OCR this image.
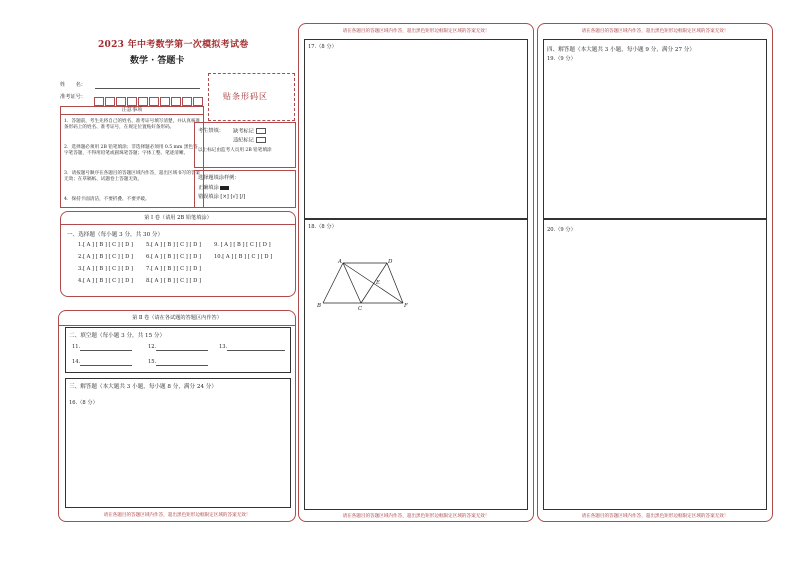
2023 年中考数学第一次模拟考试卷
数学 · 答题卡
姓　　名：
准考证号：	贴条形码区
注意事项
1．答题前，考生先将自己的姓名、准考证号填写清楚，并认真核准条形码上的姓名、准考证号，在规定位置贴好条形码。
2．选择题必须用 2B 铅笔填涂；非选择题必须用 0.5 mm 黑色签字笔答题，不得用铅笔或圆珠笔答题；字体工整、笔迹清晰。
3．请按题号顺序在各题目的答题区域内作答，超出区域书写的答案无效；在草稿纸、试题卷上答题无效。
4．保持卡面清洁，不要折叠、不要弄破。
考生禁填： 缺考标记
违纪标记
以上标记由监考人员用 2B 铅笔填涂
选择题填涂样例：
正确填涂
错误填涂 [×] [√] [/]
第 Ⅰ 卷（请用 2B 铅笔填涂）
一、选择题（每小题 3 分，共 30 分）
1.[ A ] [ B ] [ C ] [ D ]	5.[ A ] [ B ] [ C ] [ D ]	9. [ A ] [ B ] [ C ] [ D ]
2.[ A ] [ B ] [ C ] [ D ]	6.[ A ] [ B ] [ C ] [ D ]	10.[ A ] [ B ] [ C ] [ D ]
3.[ A ] [ B ] [ C ] [ D ]	7.[ A ] [ B ] [ C ] [ D ]
4.[ A ] [ B ] [ C ] [ D ]	8.[ A ] [ B ] [ C ] [ D ]
第 Ⅱ 卷（请在各试题的答题区内作答）
二、填空题（每小题 3 分，共 15 分）
11.	12.	13.
14.	15.
三、解答题（本大题共 3 小题，每小题 8 分，满分 24 分）
16.（8 分）
请在各题目的答题区域内作答，超出黑色矩形边框限定区域的答案无效！
请在各题目的答题区域内作答，超出黑色矩形边框限定区域的答案无效！
17.（8 分）
18.（8 分）
A	D
E
B	C	F
请在各题目的答题区域内作答，超出黑色矩形边框限定区域的答案无效！
请在各题目的答题区域内作答，超出黑色矩形边框限定区域的答案无效！
四、解答题（本大题共 3 小题，每小题 9 分，满分 27 分）
19.（9 分）
20.（9 分）
请在各题目的答题区域内作答，超出黑色矩形边框限定区域的答案无效！
